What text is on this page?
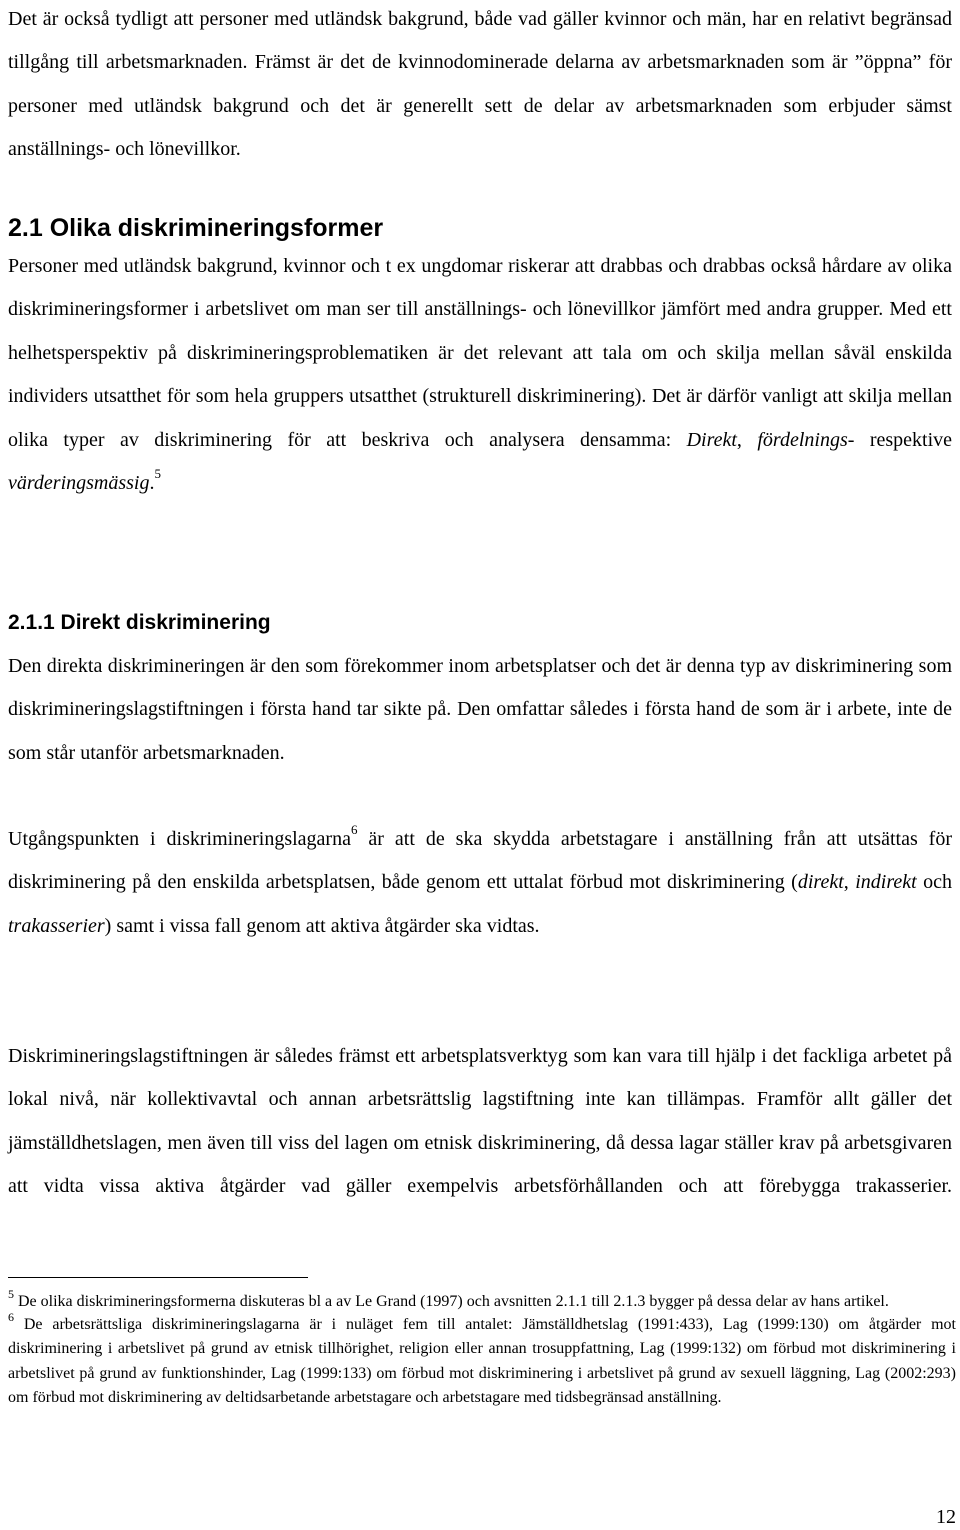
Det är också tydligt att personer med utländsk bakgrund, både vad gäller kvinnor och män, har en relativt begränsad tillgång till arbetsmarknaden. Främst är det de kvinnodominerade delarna av arbetsmarknaden som är ”öppna” för personer med utländsk bakgrund och det är generellt sett de delar av arbetsmarknaden som erbjuder sämst anställnings- och lönevillkor.

2.1 Olika diskrimineringsformer

Personer med utländsk bakgrund, kvinnor och t ex ungdomar riskerar att drabbas och drabbas också hårdare av olika diskrimineringsformer i arbetslivet om man ser till anställnings- och lönevillkor jämfört med andra grupper. Med ett helhetsperspektiv på diskrimineringsproblematiken är det relevant att tala om och skilja mellan såväl enskilda individers utsatthet för som hela gruppers utsatthet (strukturell diskriminering). Det är därför vanligt att skilja mellan olika typer av diskriminering för att beskriva och analysera densamma: Direkt, fördelnings- respektive värderingsmässig.$^5$

2.1.1 Direkt diskriminering

Den direkta diskrimineringen är den som förekommer inom arbetsplatser och det är denna typ av diskriminering som diskrimineringslagstiftningen i första hand tar sikte på. Den omfattar således i första hand de som är i arbete, inte de som står utanför arbetsmarknaden.

Utgångspunkten i diskrimineringslagarna$^6$ är att de ska skydda arbetstagare i anställning från att utsättas för diskriminering på den enskilda arbetsplatsen, både genom ett uttalat förbud mot diskriminering (direkt, indirekt och trakasserier) samt i vissa fall genom att aktiva åtgärder ska vidtas.

Diskrimineringslagstiftningen är således främst ett arbetsplatsverktyg som kan vara till hjälp i det fackliga arbetet på lokal nivå, när kollektivavtal och annan arbetsrättslig lagstiftning inte kan tillämpas. Framför allt gäller det jämställdhetslagen, men även till viss del lagen om etnisk diskriminering, då dessa lagar ställer krav på arbetsgivaren att vidta vissa aktiva åtgärder vad gäller exempelvis arbetsförhållanden och att förebygga trakasserier.

$^5$ De olika diskrimineringsformerna diskuteras bl a av Le Grand (1997) och avsnitten 2.1.1 till 2.1.3 bygger på dessa delar av hans artikel.

$^6$ De arbetsrättsliga diskrimineringslagarna är i nuläget fem till antalet: Jämställdhetslag (1991:433), Lag (1999:130) om åtgärder mot diskriminering i arbetslivet på grund av etnisk tillhörighet, religion eller annan trosuppfattning, Lag (1999:132) om förbud mot diskriminering i arbetslivet på grund av funktionshinder, Lag (1999:133) om förbud mot diskriminering i arbetslivet på grund av sexuell läggning, Lag (2002:293) om förbud mot diskriminering av deltidsarbetande arbetstagare och arbetstagare med tidsbegränsad anställning.

12
